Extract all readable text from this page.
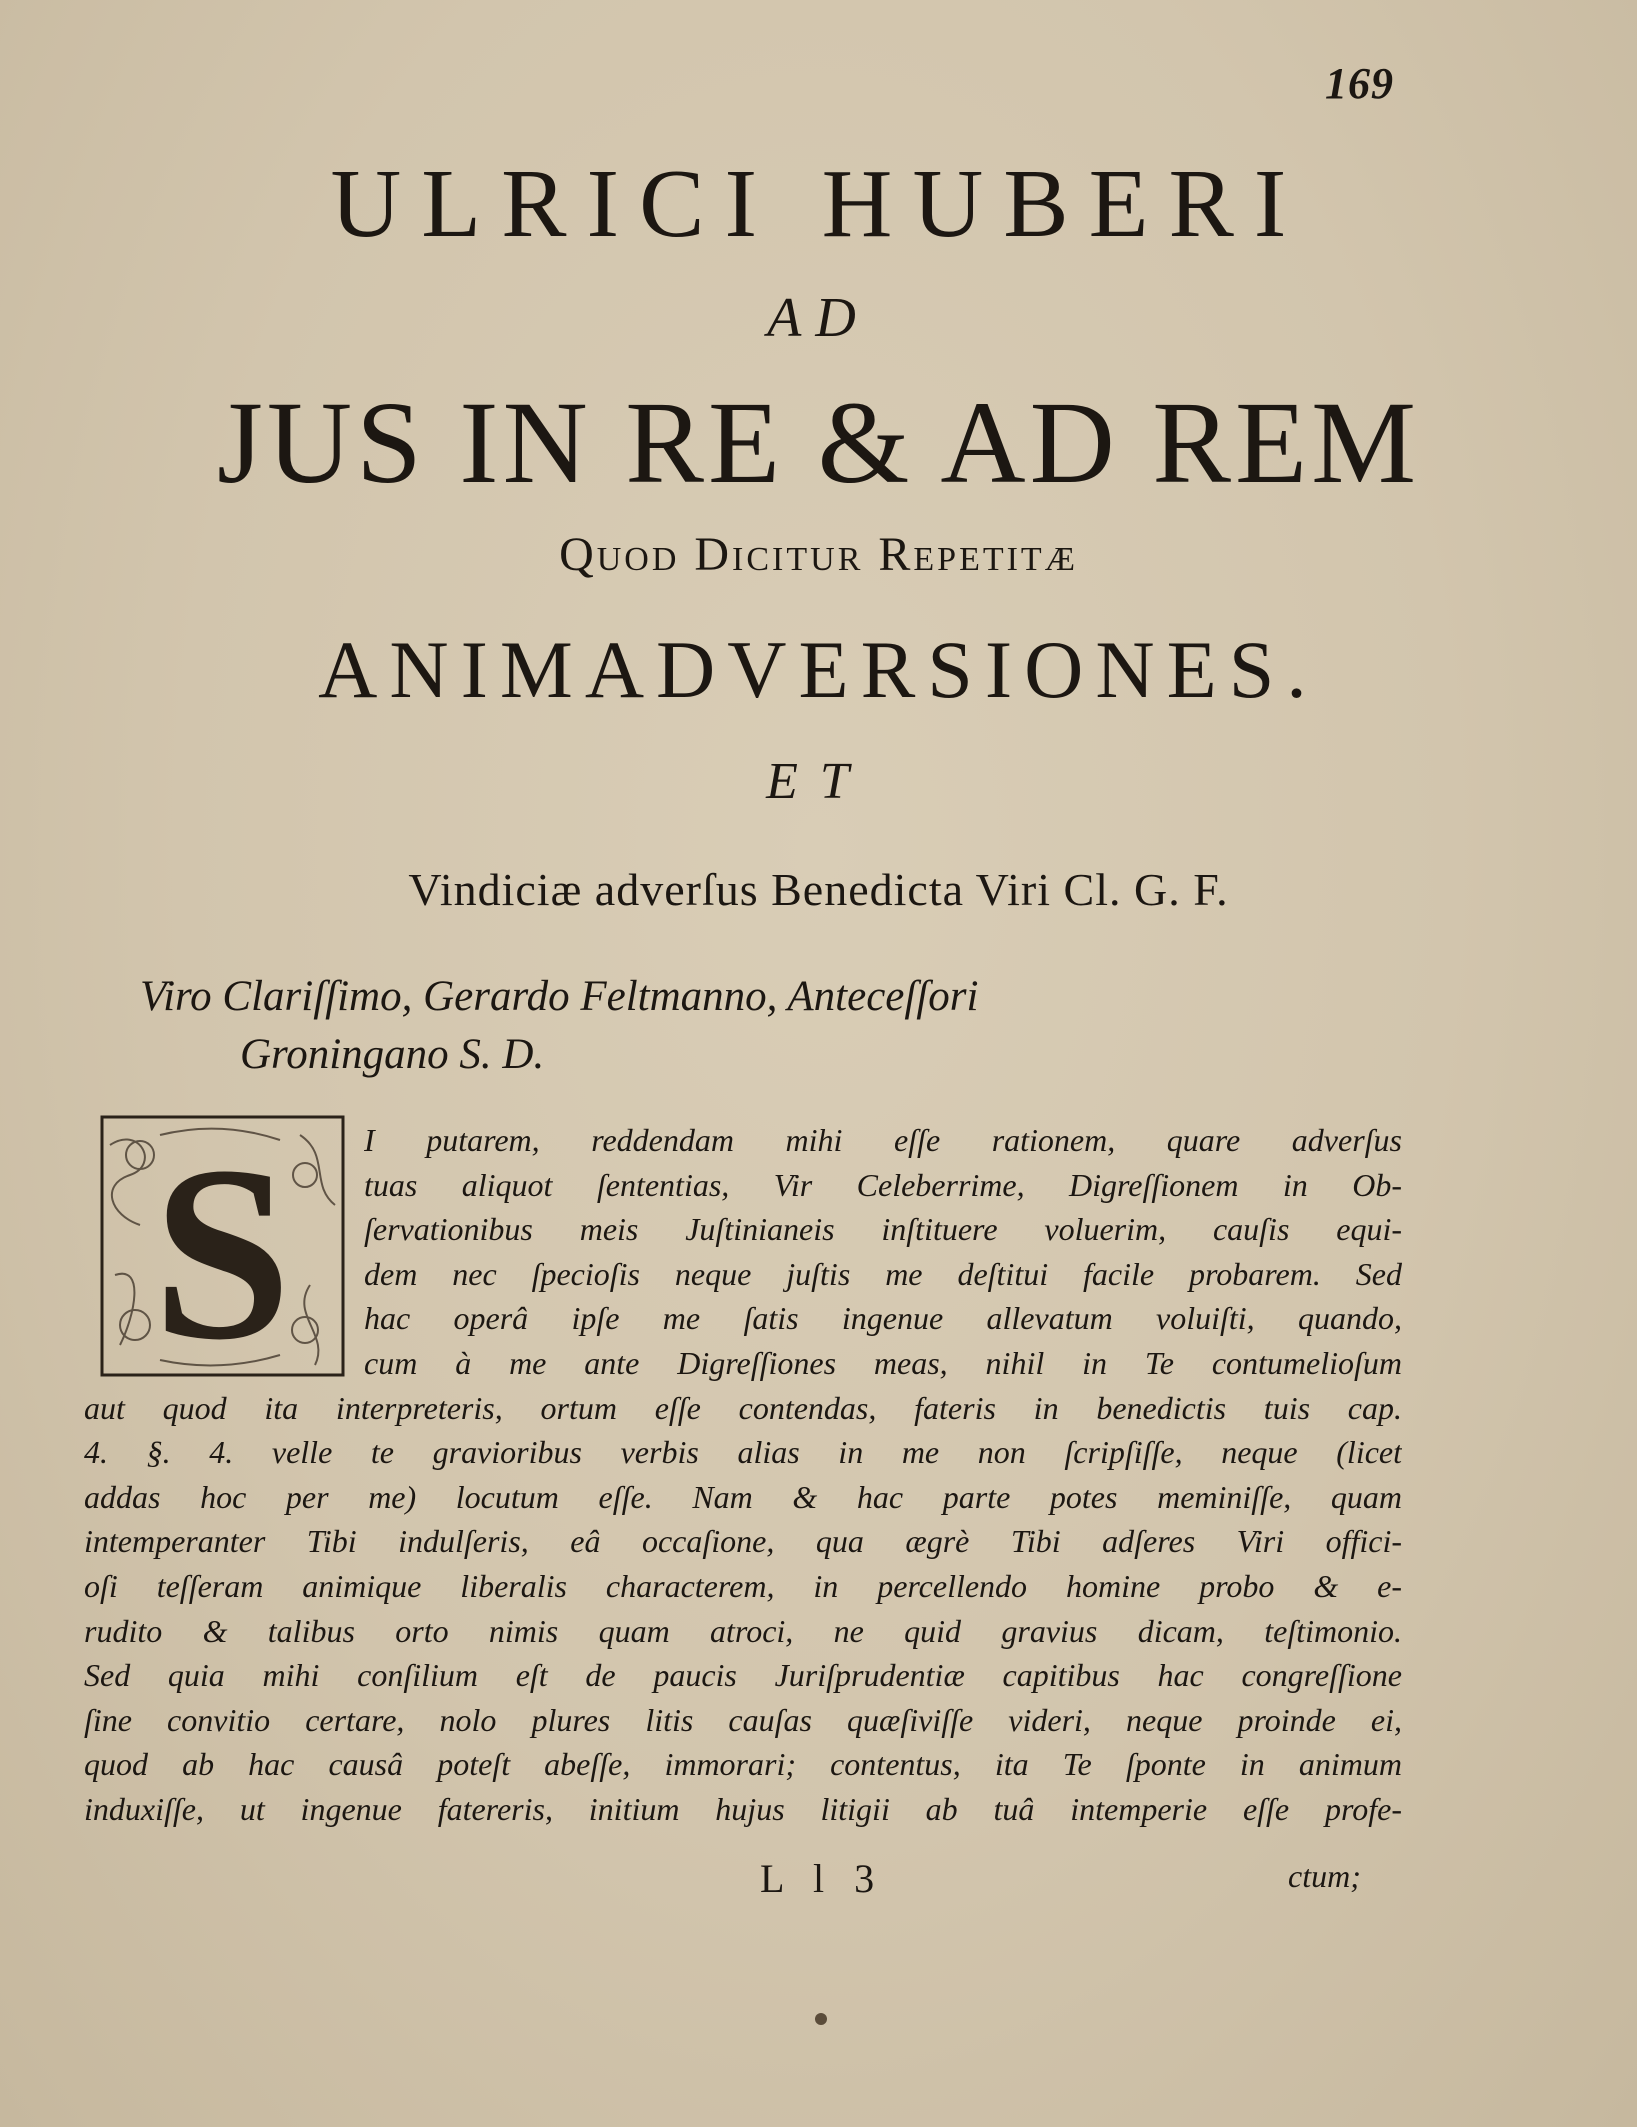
169
ULRICI HUBERI
AD
JUS IN RE & AD REM
Quod Dicitur Repetitæ
ANIMADVERSIONES.
ET
Vindiciæ adverſus Benedicta Viri Cl. G. F.
Viro Clariſſimo, Gerardo Feltmanno, Anteceſſori
Groningano S. D.
S I putarem, reddendam mihi eſſe rationem, quare adverſus
tuas aliquot ſententias, Vir Celeberrime, Digreſſionem in Ob-
ſervationibus meis Juſtinianeis inſtituere voluerim, cauſis equi-
dem nec ſpecioſis neque juſtis me deſtitui facile probarem. Sed
hac operâ ipſe me ſatis ingenue allevatum voluiſti, quando,
cum à me ante Digreſſiones meas, nihil in Te contumelioſum
aut quod ita interpreteris, ortum eſſe contendas, fateris in benedictis tuis cap.
4. §. 4. velle te gravioribus verbis alias in me non ſcripſiſſe, neque (licet
addas hoc per me) locutum eſſe. Nam & hac parte potes meminiſſe, quam
intemperanter Tibi indulſeris, eâ occaſione, qua ægrè Tibi adſeres Viri offici-
oſi teſſeram animique liberalis characterem, in percellendo homine probo & e-
rudito & talibus orto nimis quam atroci, ne quid gravius dicam, teſtimonio.
Sed quia mihi conſilium eſt de paucis Juriſprudentiæ capitibus hac congreſſione
ſine convitio certare, nolo plures litis cauſas quæſiviſſe videri, neque proinde ei,
quod ab hac causâ poteſt abeſſe, immorari; contentus, ita Te ſponte in animum
induxiſſe, ut ingenue fatereris, initium hujus litigii ab tuâ intemperie eſſe profe-
L l 3	ctum;
